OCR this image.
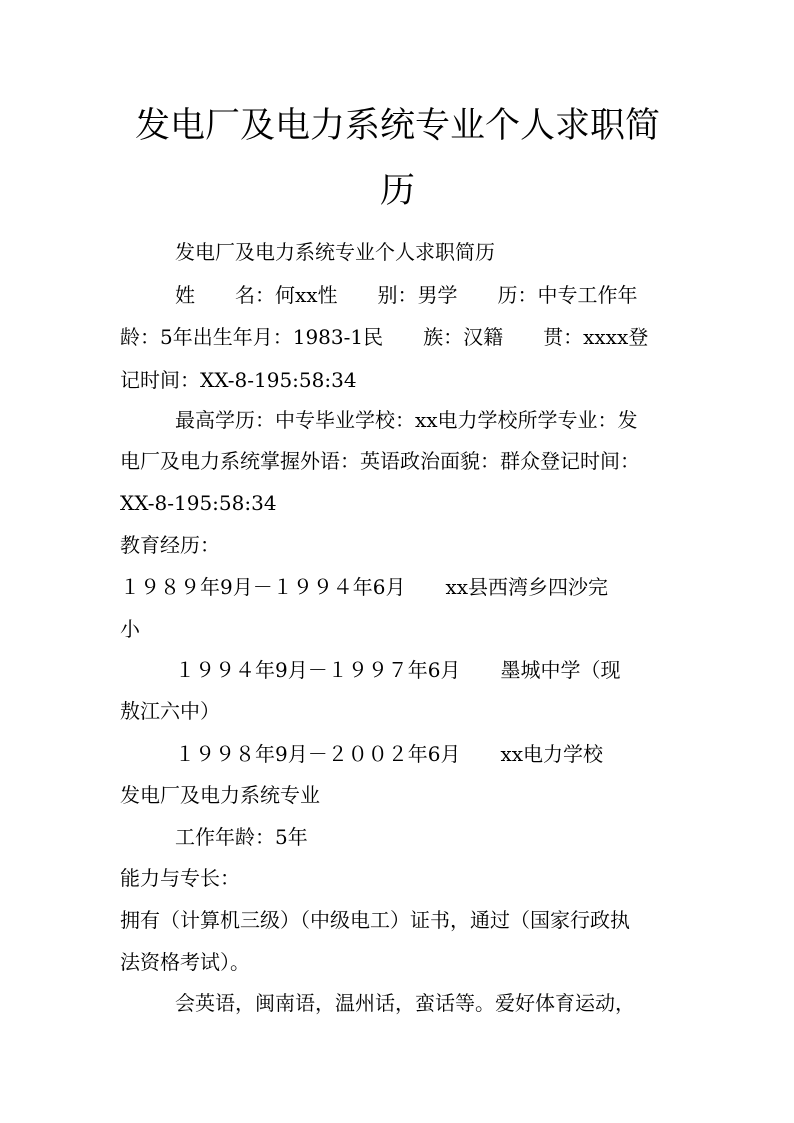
发电厂及电力系统专业个人求职简
历

发电厂及电力系统专业个人求职简历

姓　　名：何xx性　　别：男学　　历：中专工作年

龄：5年出生年月：1983-1民　　族：汉籍　　贯：xxxx登

记时间：XX-8-195:58:34

最高学历：中专毕业学校：xx电力学校所学专业：发

电厂及电力系统掌握外语：英语政治面貌：群众登记时间：

XX-8-195:58:34

教育经历：

１９８９年9月－１９９４年6月　　xx县西湾乡四沙完

小

１９９４年9月－１９９７年6月　　墨城中学（现

敖江六中）

１９９８年9月－２００２年6月　　xx电力学校

发电厂及电力系统专业

工作年龄：5年

能力与专长：

拥有（计算机三级）（中级电工）证书，通过（国家行政执

法资格考试）。

会英语，闽南语，温州话，蛮话等。爱好体育运动，
